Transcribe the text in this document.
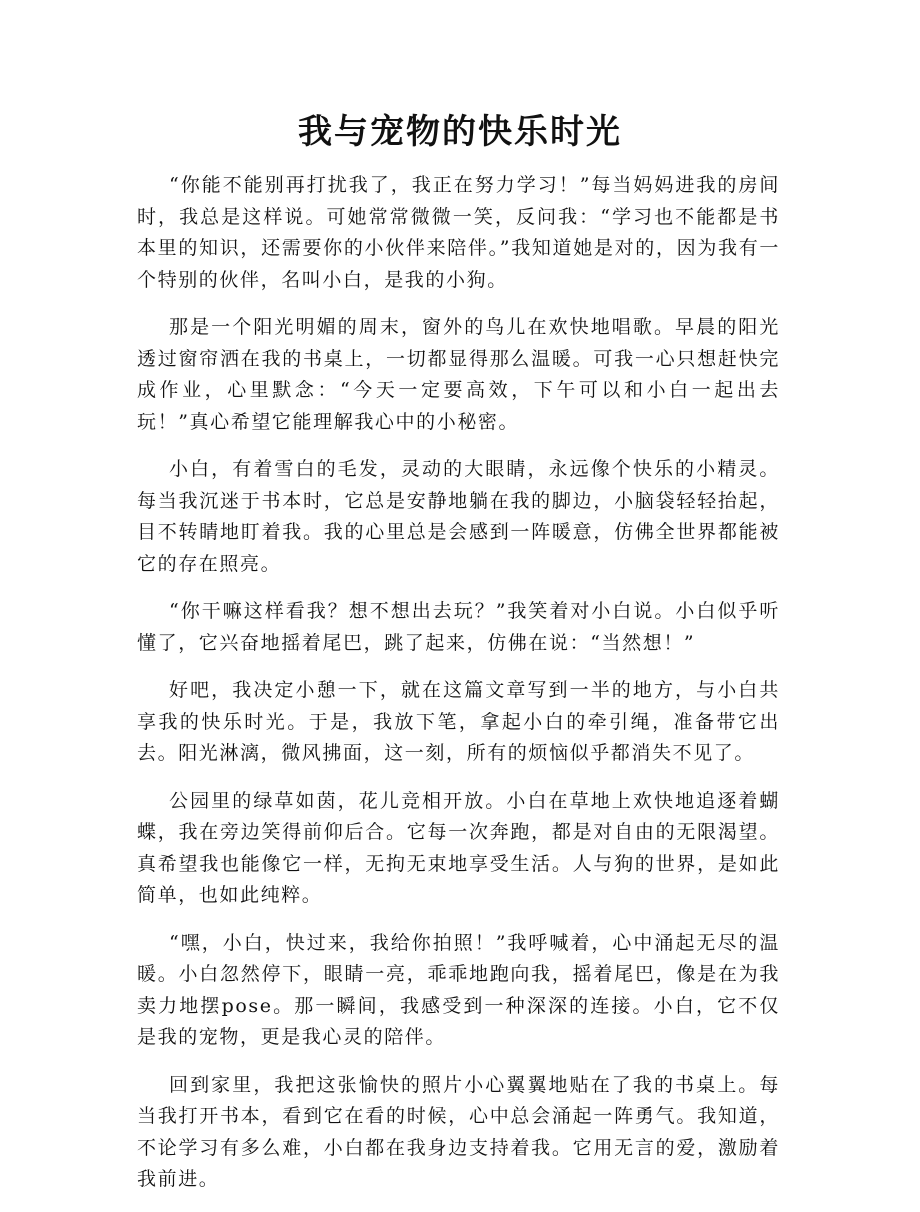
我与宠物的快乐时光

“你能不能别再打扰我了，我正在努力学习！”每当妈妈进我的房间时，我总是这样说。可她常常微微一笑，反问我：“学习也不能都是书本里的知识，还需要你的小伙伴来陪伴。”我知道她是对的，因为我有一个特别的伙伴，名叫小白，是我的小狗。

那是一个阳光明媚的周末，窗外的鸟儿在欢快地唱歌。早晨的阳光透过窗帘洒在我的书桌上，一切都显得那么温暖。可我一心只想赶快完成作业，心里默念：“今天一定要高效，下午可以和小白一起出去玩！”真心希望它能理解我心中的小秘密。

小白，有着雪白的毛发，灵动的大眼睛，永远像个快乐的小精灵。每当我沉迷于书本时，它总是安静地躺在我的脚边，小脑袋轻轻抬起，目不转睛地盯着我。我的心里总是会感到一阵暖意，仿佛全世界都能被它的存在照亮。

“你干嘛这样看我？想不想出去玩？”我笑着对小白说。小白似乎听懂了，它兴奋地摇着尾巴，跳了起来，仿佛在说：“当然想！”

好吧，我决定小憩一下，就在这篇文章写到一半的地方，与小白共享我的快乐时光。于是，我放下笔，拿起小白的牵引绳，准备带它出去。阳光淋漓，微风拂面，这一刻，所有的烦恼似乎都消失不见了。

公园里的绿草如茵，花儿竞相开放。小白在草地上欢快地追逐着蝴蝶，我在旁边笑得前仰后合。它每一次奔跑，都是对自由的无限渴望。真希望我也能像它一样，无拘无束地享受生活。人与狗的世界，是如此简单，也如此纯粹。

“嘿，小白，快过来，我给你拍照！”我呼喊着，心中涌起无尽的温暖。小白忽然停下，眼睛一亮，乖乖地跑向我，摇着尾巴，像是在为我卖力地摆pose。那一瞬间，我感受到一种深深的连接。小白，它不仅是我的宠物，更是我心灵的陪伴。

回到家里，我把这张愉快的照片小心翼翼地贴在了我的书桌上。每当我打开书本，看到它在看的时候，心中总会涌起一阵勇气。我知道，不论学习有多么难，小白都在我身边支持着我。它用无言的爱，激励着我前进。
